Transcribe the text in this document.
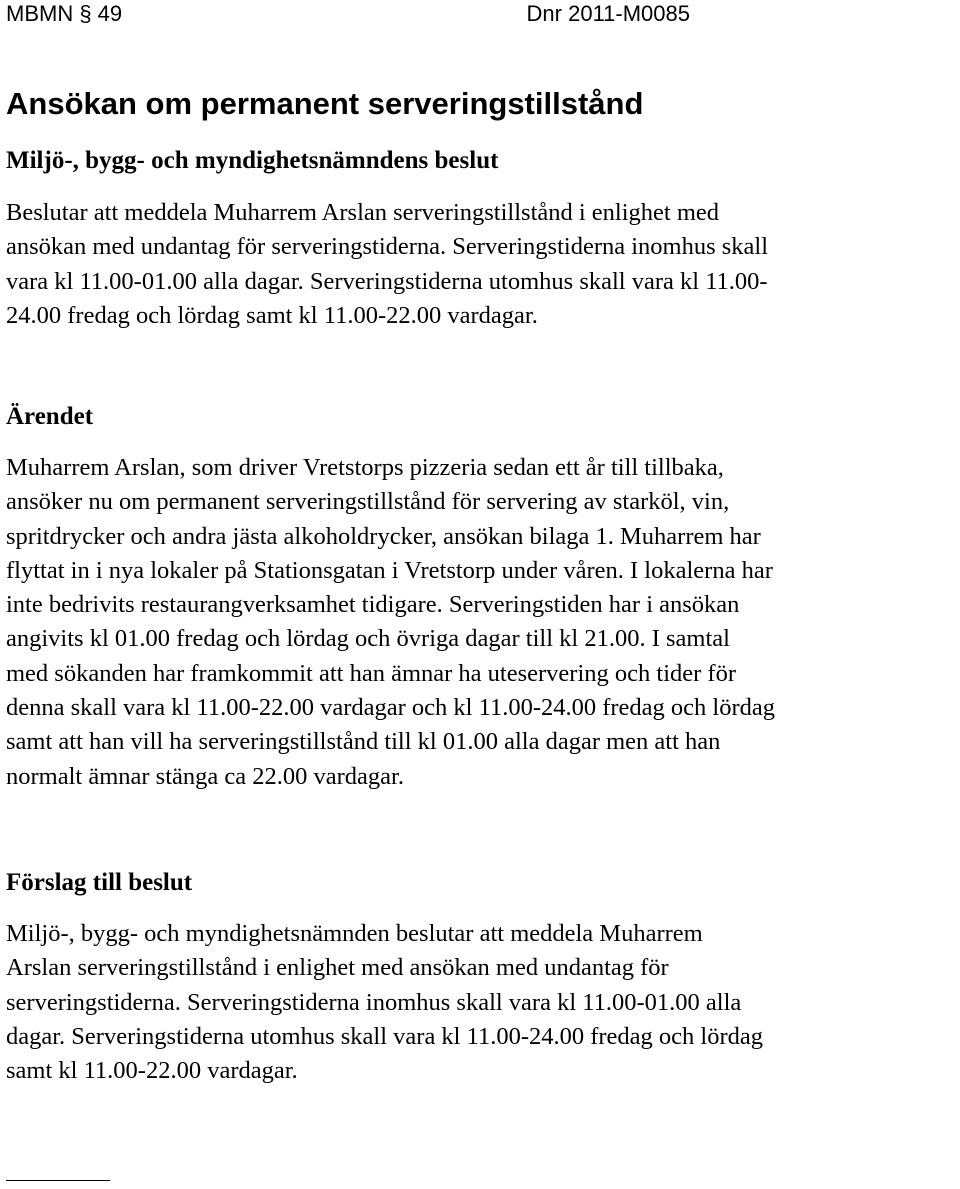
MBMN § 49	Dnr 2011-M0085
Ansökan om permanent serveringstillstånd
Miljö-, bygg- och myndighetsnämndens beslut
Beslutar att meddela Muharrem Arslan serveringstillstånd i enlighet med
ansökan med undantag för serveringstiderna. Serveringstiderna inomhus skall
vara kl 11.00-01.00 alla dagar. Serveringstiderna utomhus skall vara kl 11.00-
24.00 fredag och lördag samt kl 11.00-22.00 vardagar.
Ärendet
Muharrem Arslan, som driver Vretstorps pizzeria sedan ett år till tillbaka,
ansöker nu om permanent serveringstillstånd för servering av starköl, vin,
spritdrycker och andra jästa alkoholdrycker, ansökan bilaga 1. Muharrem har
flyttat in i nya lokaler på Stationsgatan i Vretstorp under våren. I lokalerna har
inte bedrivits restaurangverksamhet tidigare. Serveringstiden har i ansökan
angivits kl 01.00 fredag och lördag och övriga dagar till kl 21.00. I samtal
med sökanden har framkommit att han ämnar ha uteservering och tider för
denna skall vara kl 11.00-22.00 vardagar och kl 11.00-24.00 fredag och lördag
samt att han vill ha serveringstillstånd till kl 01.00 alla dagar men att han
normalt ämnar stänga ca 22.00 vardagar.
Förslag till beslut
Miljö-, bygg- och myndighetsnämnden beslutar att meddela Muharrem
Arslan serveringstillstånd i enlighet med ansökan med undantag för
serveringstiderna. Serveringstiderna inomhus skall vara kl 11.00-01.00 alla
dagar. Serveringstiderna utomhus skall vara kl 11.00-24.00 fredag och lördag
samt kl 11.00-22.00 vardagar.
